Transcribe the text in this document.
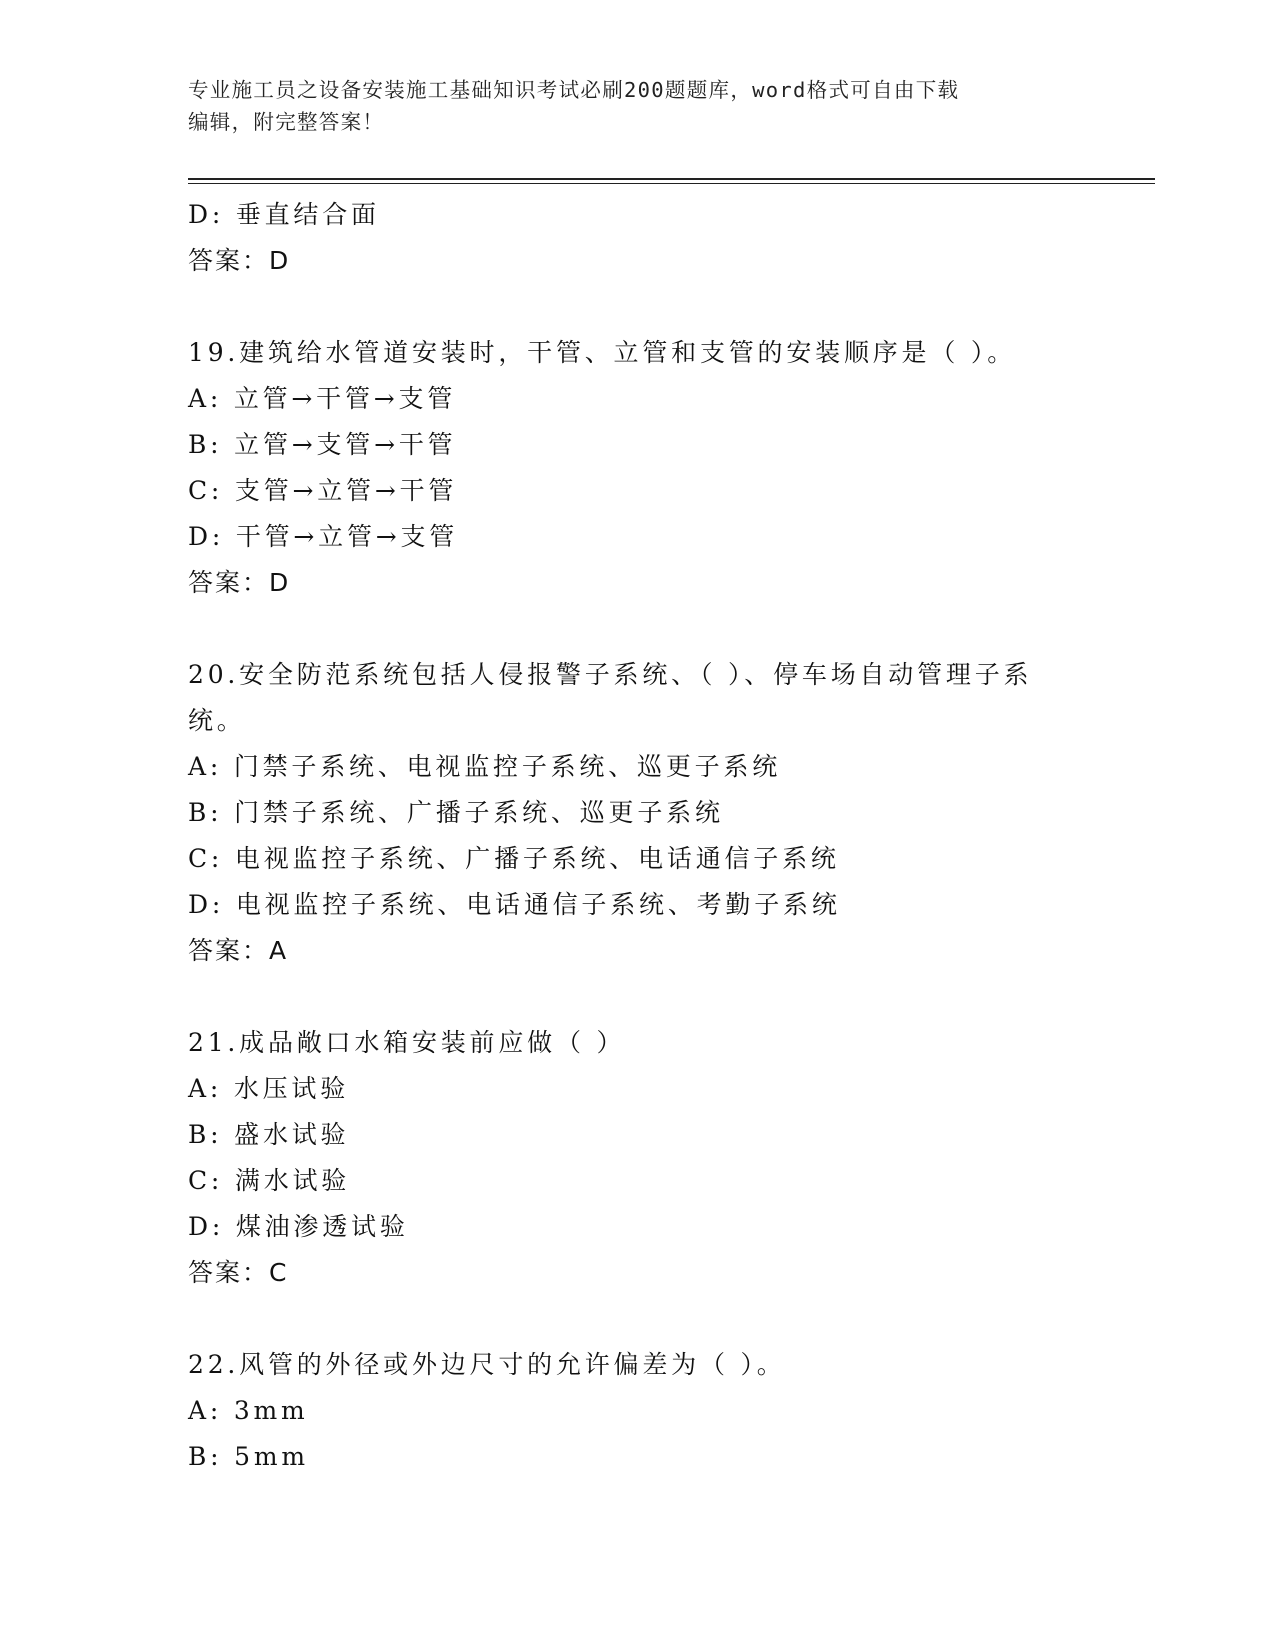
专业施工员之设备安装施工基础知识考试必刷200题题库，word格式可自由下载
编辑，附完整答案！
D: 垂直结合面
答案：D
19.建筑给水管道安装时，干管、立管和支管的安装顺序是（ ）。
A: 立管→干管→支管
B: 立管→支管→干管
C: 支管→立管→干管
D: 干管→立管→支管
答案：D
20.安全防范系统包括人侵报警子系统、（ ）、停车场自动管理子系
统。
A: 门禁子系统、电视监控子系统、巡更子系统
B: 门禁子系统、广播子系统、巡更子系统
C: 电视监控子系统、广播子系统、电话通信子系统
D: 电视监控子系统、电话通信子系统、考勤子系统
答案：A
21.成品敞口水箱安装前应做（ ）
A: 水压试验
B: 盛水试验
C: 满水试验
D: 煤油渗透试验
答案：C
22.风管的外径或外边尺寸的允许偏差为（ ）。
A: 3mm
B: 5mm
